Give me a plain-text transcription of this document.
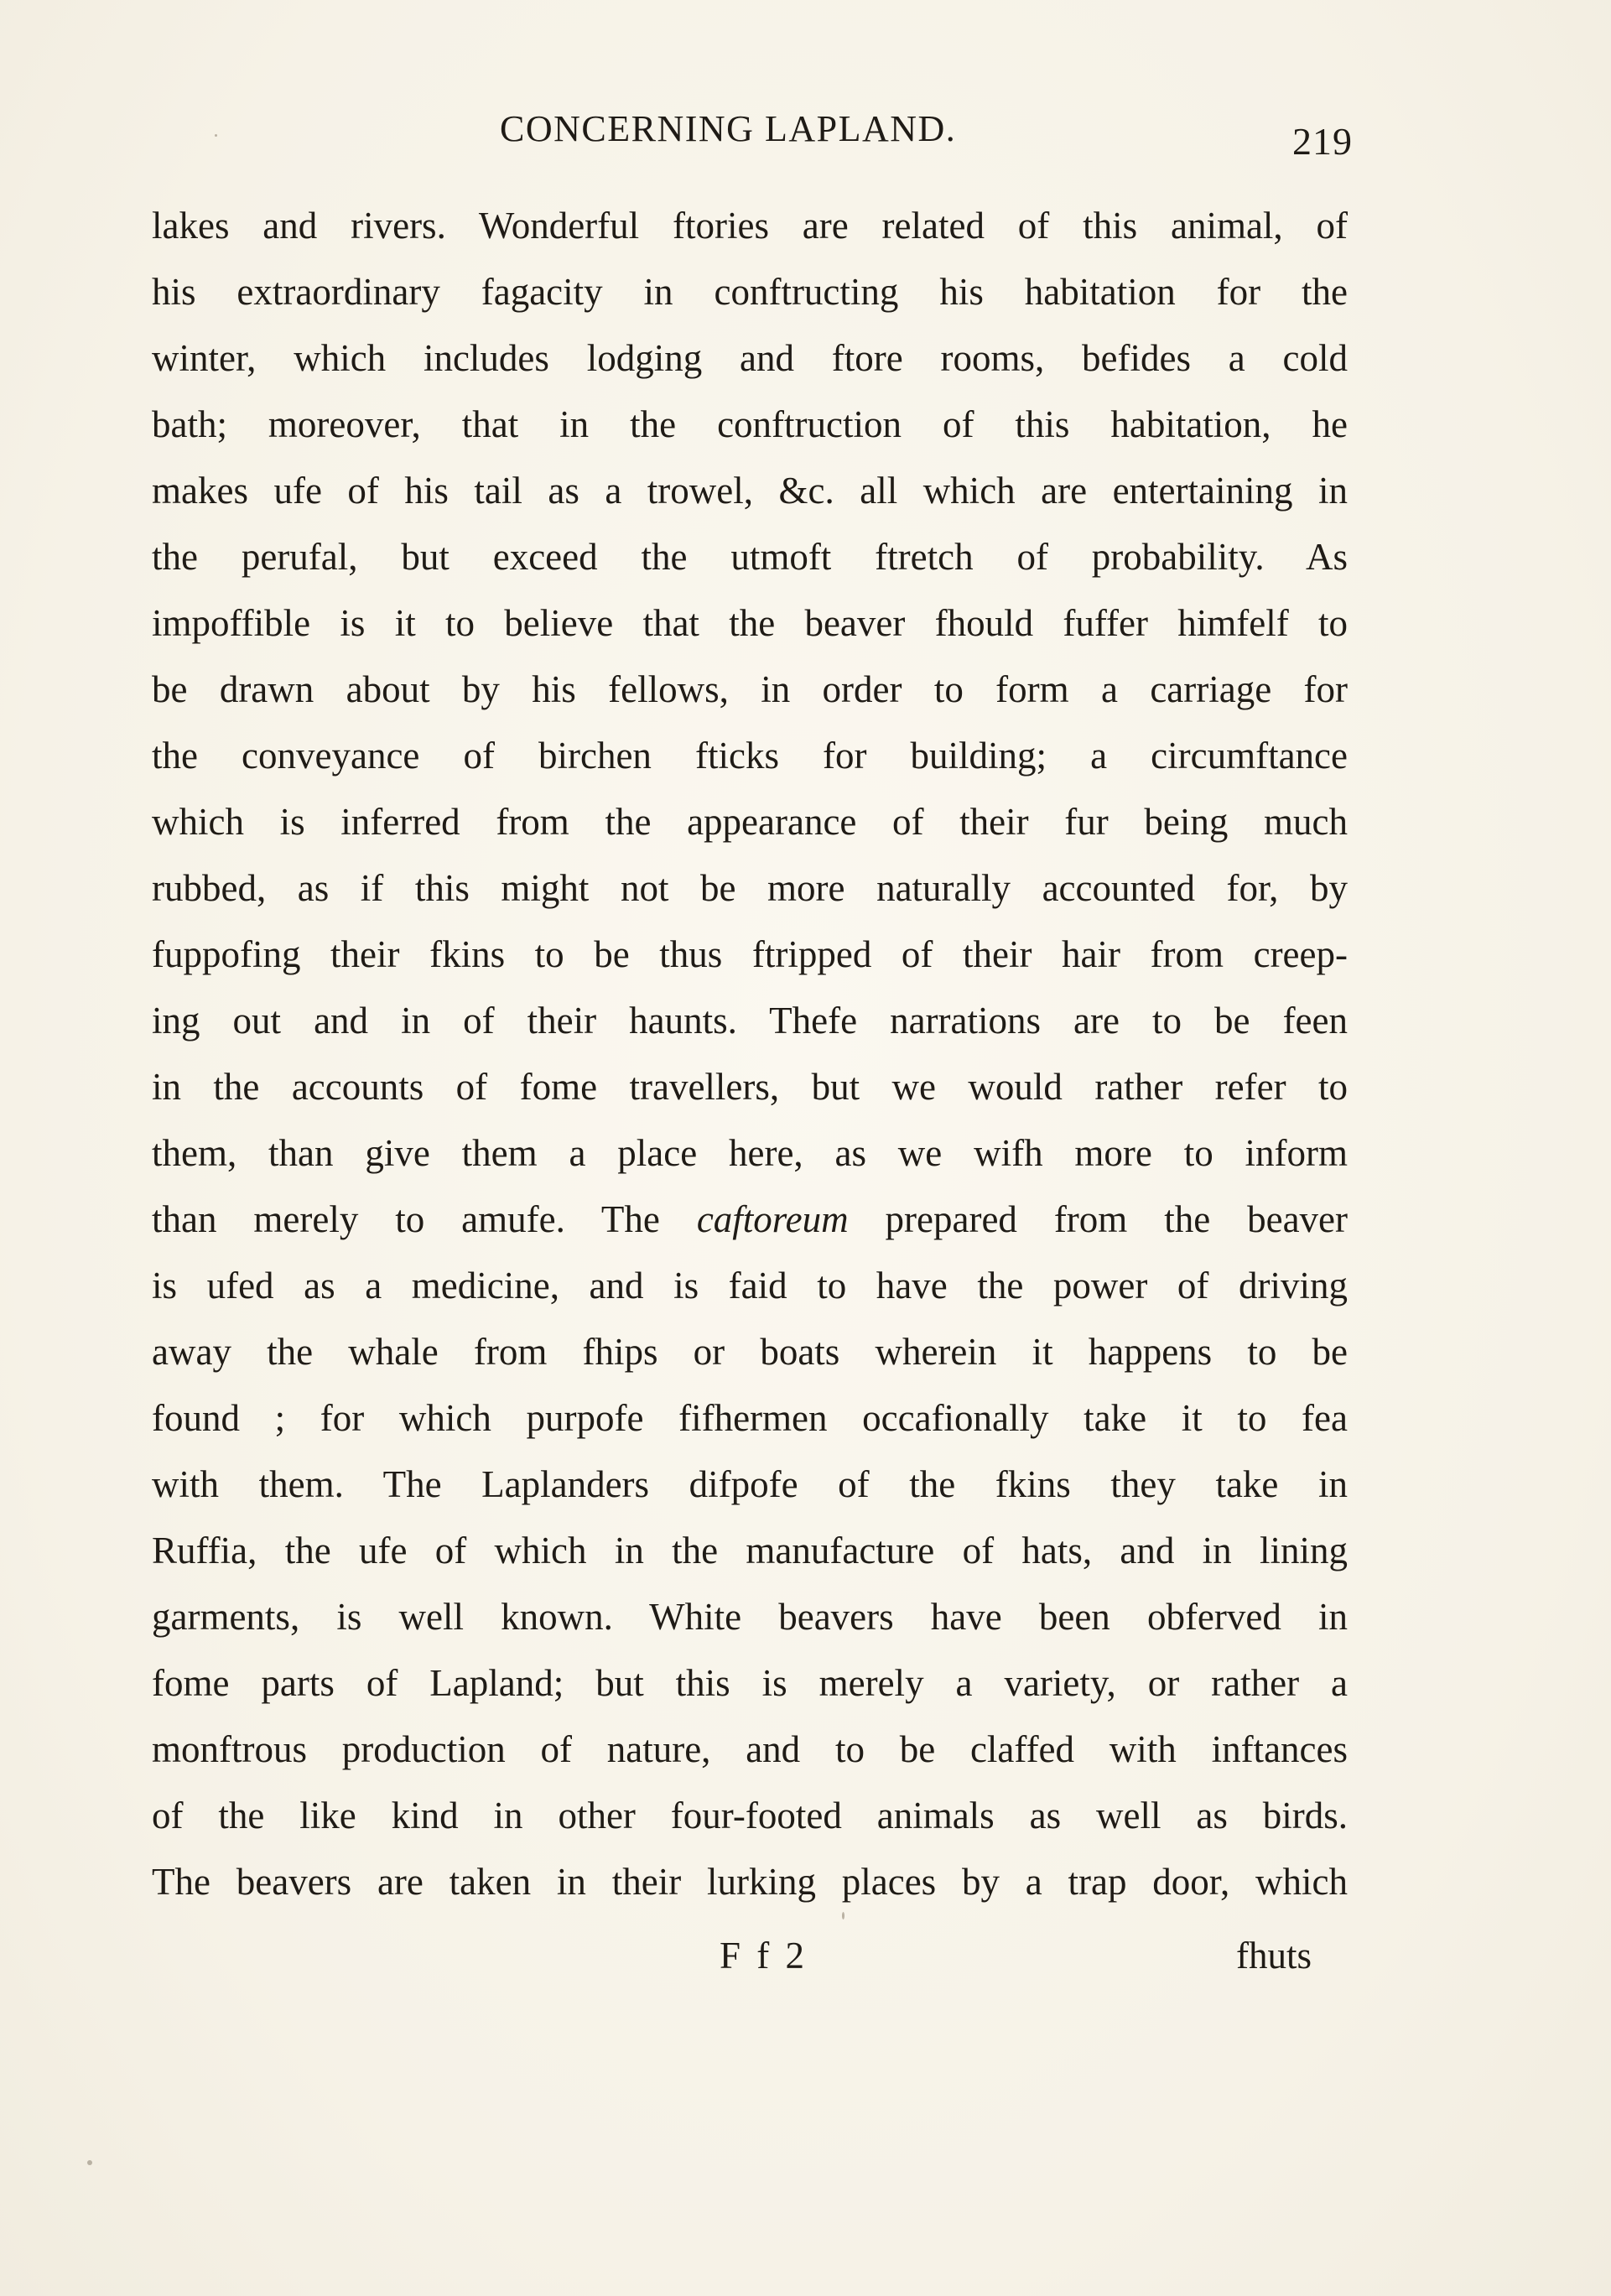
CONCERNING LAPLAND.	219
lakes and rivers. Wonderful ftories are related of this animal, of
his extraordinary fagacity in conftructing his habitation for the
winter, which includes lodging and ftore rooms, befides a cold
bath; moreover, that in the conftruction of this habitation, he
makes ufe of his tail as a trowel, &c. all which are entertaining in
the perufal, but exceed the utmoft ftretch of probability. As
impoffible is it to believe that the beaver fhould fuffer himfelf to
be drawn about by his fellows, in order to form a carriage for
the conveyance of birchen fticks for building; a circumftance
which is inferred from the appearance of their fur being much
rubbed, as if this might not be more naturally accounted for, by
fuppofing their fkins to be thus ftripped of their hair from creep-
ing out and in of their haunts. Thefe narrations are to be feen
in the accounts of fome travellers, but we would rather refer to
them, than give them a place here, as we wifh more to inform
than merely to amufe. The caftoreum prepared from the beaver
is ufed as a medicine, and is faid to have the power of driving
away the whale from fhips or boats wherein it happens to be
found ; for which purpofe fifhermen occafionally take it to fea
with them. The Laplanders difpofe of the fkins they take in
Ruffia, the ufe of which in the manufacture of hats, and in lining
garments, is well known. White beavers have been obferved in
fome parts of Lapland; but this is merely a variety, or rather a
monftrous production of nature, and to be claffed with inftances
of the like kind in other four-footed animals as well as birds.
The beavers are taken in their lurking places by a trap door, which
F f 2	fhuts
